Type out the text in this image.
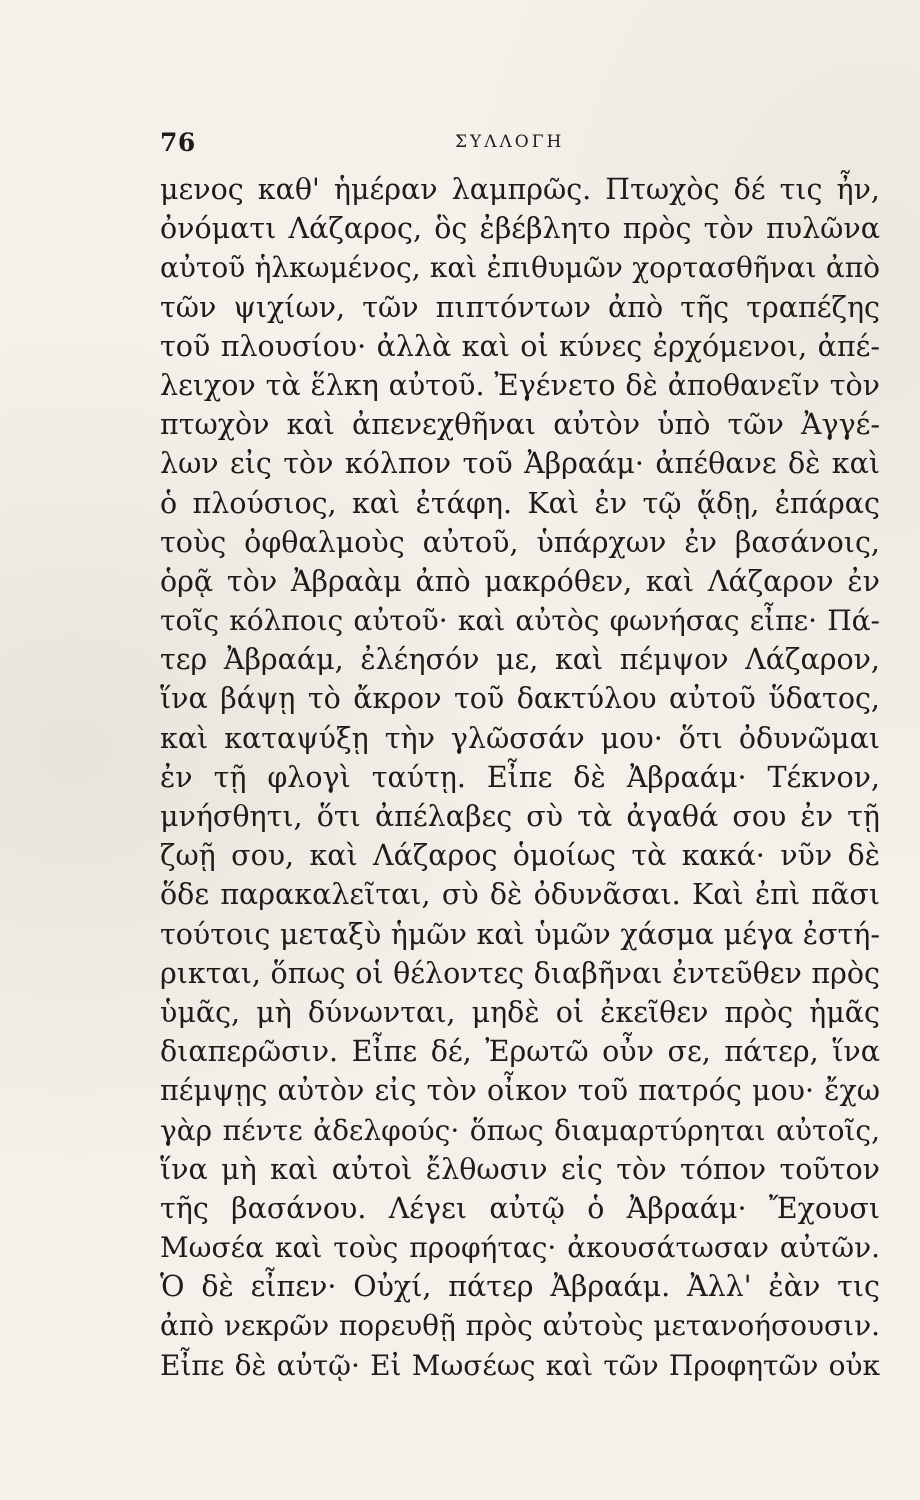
76	ΣΥΛΛΟΓΗ
μενος καθ' ἡμέραν λαμπρῶς. Πτωχὸς δέ τις ἦν,
ὀνόματι Λάζαρος, ὃς ἐβέβλητο πρὸς τὸν πυλῶνα
αὐτοῦ ἡλκωμένος, καὶ ἐπιθυμῶν χορτασθῆναι ἀπὸ
τῶν ψιχίων, τῶν πιπτόντων ἀπὸ τῆς τραπέζης
τοῦ πλουσίου· ἀλλὰ καὶ οἱ κύνες ἐρχόμενοι, ἀπέ-
λειχον τὰ ἕλκη αὐτοῦ. Ἐγένετο δὲ ἀποθανεῖν τὸν
πτωχὸν καὶ ἀπενεχθῆναι αὐτὸν ὑπὸ τῶν Ἀγγέ-
λων εἰς τὸν κόλπον τοῦ Ἀβραάμ· ἀπέθανε δὲ καὶ
ὁ πλούσιος, καὶ ἐτάφη. Καὶ ἐν τῷ ᾅδῃ, ἐπάρας
τοὺς ὀφθαλμοὺς αὐτοῦ, ὑπάρχων ἐν βασάνοις,
ὁρᾷ τὸν Ἀβραὰμ ἀπὸ μακρόθεν, καὶ Λάζαρον ἐν
τοῖς κόλποις αὐτοῦ· καὶ αὐτὸς φωνήσας εἶπε· Πά-
τερ Ἀβραάμ, ἐλέησόν με, καὶ πέμψον Λάζαρον,
ἵνα βάψῃ τὸ ἄκρον τοῦ δακτύλου αὐτοῦ ὕδατος,
καὶ καταψύξῃ τὴν γλῶσσάν μου· ὅτι ὀδυνῶμαι
ἐν τῇ φλογὶ ταύτῃ. Εἶπε δὲ Ἀβραάμ· Τέκνον,
μνήσθητι, ὅτι ἀπέλαβες σὺ τὰ ἀγαθά σου ἐν τῇ
ζωῇ σου, καὶ Λάζαρος ὁμοίως τὰ κακά· νῦν δὲ
ὅδε παρακαλεῖται, σὺ δὲ ὀδυνᾶσαι. Καὶ ἐπὶ πᾶσι
τούτοις μεταξὺ ἡμῶν καὶ ὑμῶν χάσμα μέγα ἐστή-
ρικται, ὅπως οἱ θέλοντες διαβῆναι ἐντεῦθεν πρὸς
ὑμᾶς, μὴ δύνωνται, μηδὲ οἱ ἐκεῖθεν πρὸς ἡμᾶς
διαπερῶσιν. Εἶπε δέ, Ἐρωτῶ οὖν σε, πάτερ, ἵνα
πέμψῃς αὐτὸν εἰς τὸν οἶκον τοῦ πατρός μου· ἔχω
γὰρ πέντε ἀδελφούς· ὅπως διαμαρτύρηται αὐτοῖς,
ἵνα μὴ καὶ αὐτοὶ ἔλθωσιν εἰς τὸν τόπον τοῦτον
τῆς βασάνου. Λέγει αὐτῷ ὁ Ἀβραάμ· Ἔχουσι
Μωσέα καὶ τοὺς προφήτας· ἀκουσάτωσαν αὐτῶν.
Ὁ δὲ εἶπεν· Οὐχί, πάτερ Ἀβραάμ. Ἀλλ' ἐὰν τις
ἀπὸ νεκρῶν πορευθῇ πρὸς αὐτοὺς μετανοήσουσιν.
Εἶπε δὲ αὐτῷ· Εἰ Μωσέως καὶ τῶν Προφητῶν οὐκ
